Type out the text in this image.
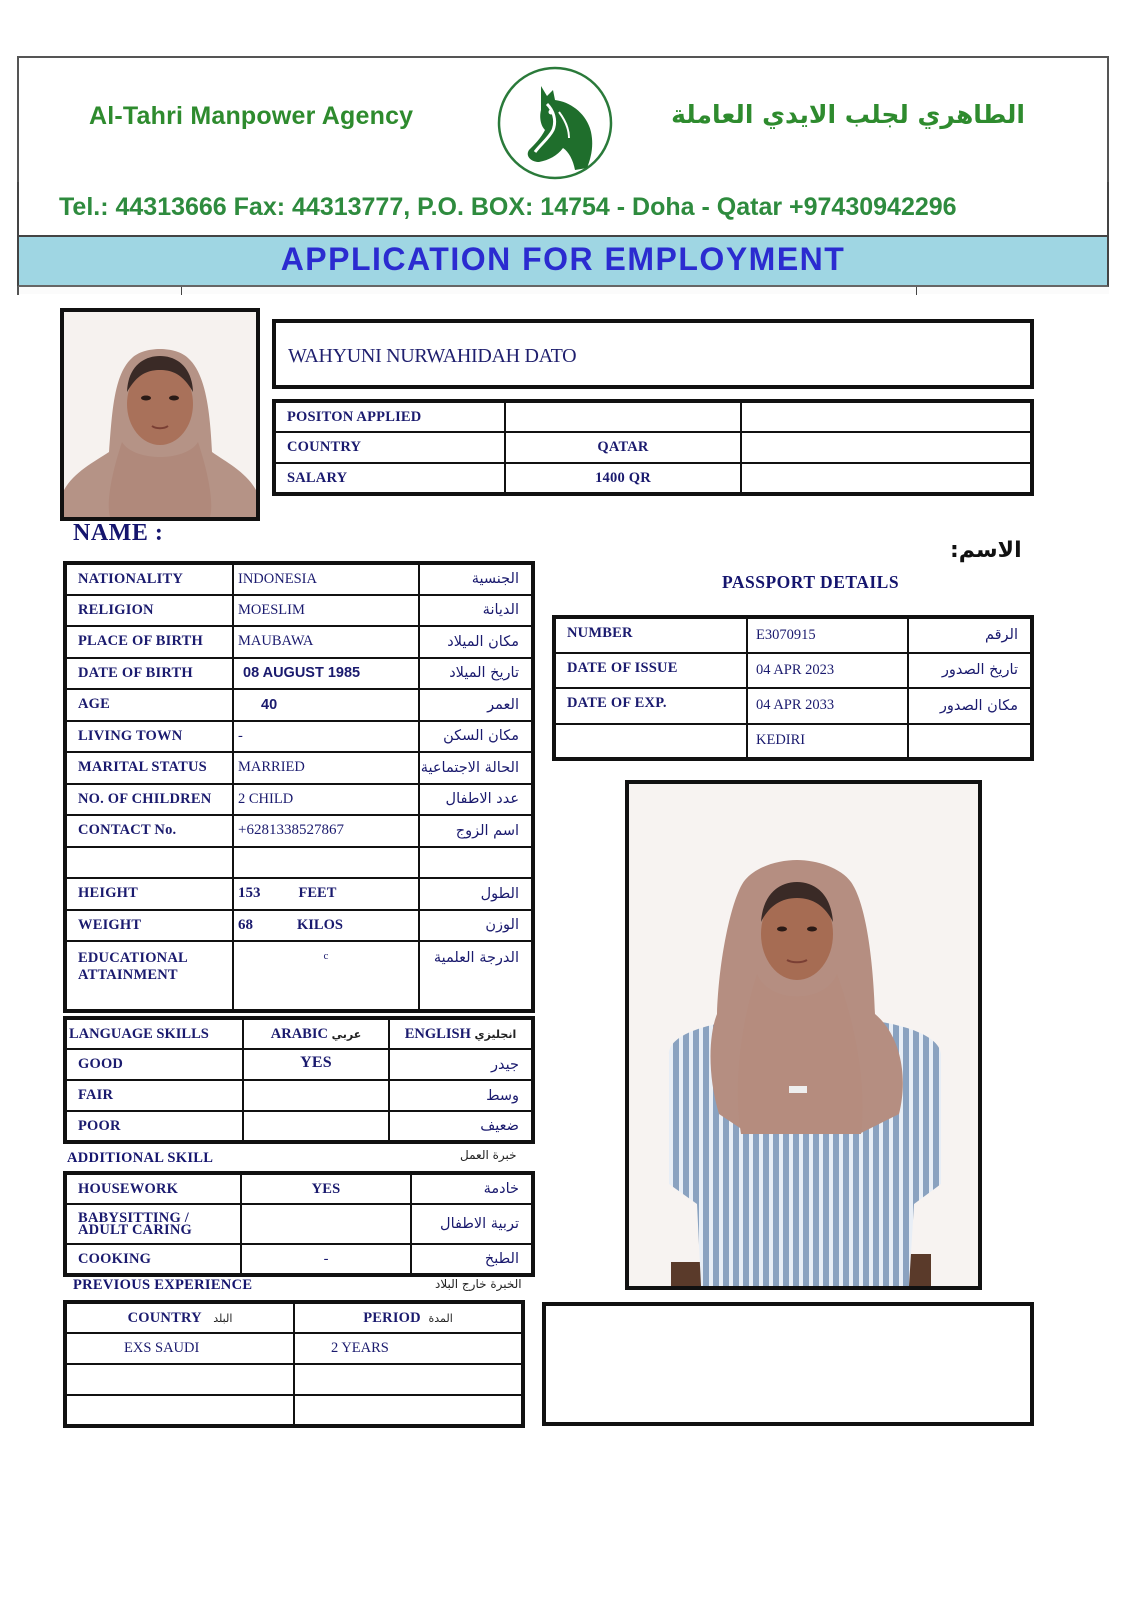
Al-Tahri Manpower Agency	الطاهري لجلب الايدي العاملة
Tel.: 44313666 Fax: 44313777, P.O. BOX: 14754 - Doha - Qatar +97430942296
APPLICATION FOR EMPLOYMENT
WAHYUNI NURWAHIDAH DATO
POSITON APPLIED		
COUNTRY	QATAR	
SALARY	1400 QR	
NAME :
الاسم:
NATIONALITY	INDONESIA	الجنسية
RELIGION	MOESLIM	الديانة
PLACE OF BIRTH	MAUBAWA	مكان الميلاد
DATE OF BIRTH	08 AUGUST 1985	تاريخ الميلاد
AGE	40	العمر
LIVING TOWN	-	مكان السكن
MARITAL STATUS	MARRIED	الحالة الاجتماعية
NO. OF CHILDREN	2 CHILD	عدد الاطفال
CONTACT No.	+6281338527867	اسم الزوج

HEIGHT	153 FEET	الطول
WEIGHT	68 KILOS	الوزن

EDUCATIONAL
ATTAINMENT	c	الدرجة العلمية
PASSPORT DETAILS
NUMBER	E3070915	الرقم
DATE OF ISSUE	04 APR 2023	تاريخ الصدور
DATE OF EXP.	04 APR 2033	مكان الصدور
	KEDIRI	
LANGUAGE SKILLS	ARABIC عربي	ENGLISH انجليزي
GOOD	YES	جيدر
FAIR		وسط
POOR		ضعيف
ADDITIONAL SKILL	خبرة العمل
HOUSEWORK	YES	خادمة
BABYSITTING / ADULT CARING		تربية الاطفال
COOKING	-	الطبخ
PREVIOUS EXPERIENCE	الخبرة خارج البلاد
COUNTRY البلد	PERIOD المدة
EXS SAUDI	2 YEARS
